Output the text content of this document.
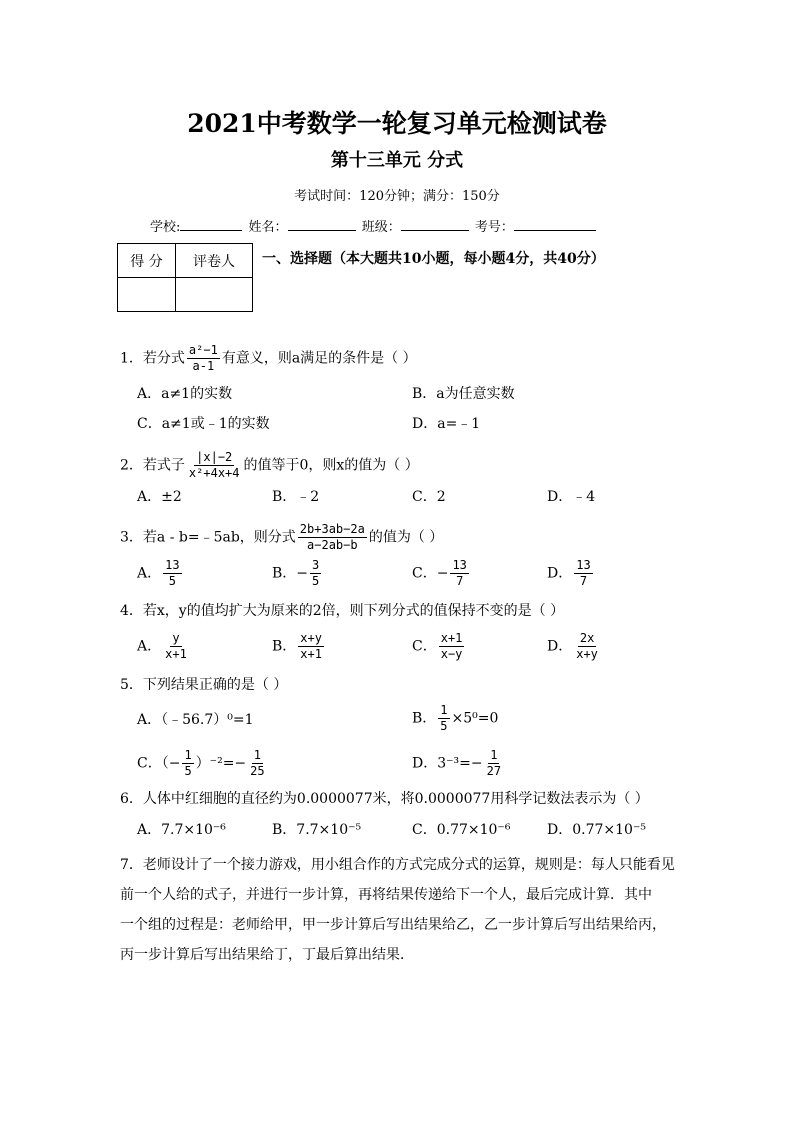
2021中考数学一轮复习单元检测试卷
第十三单元 分式
考试时间：120分钟；满分：150分
学校:	姓名：	班级：	考号：
得 分	评卷人
	一、选择题（本大题共10小题，每小题4分，共40分）
1．若分式 $\frac{\text{a²−1}}{a-1}$ 有意义，则a满足的条件是（ ）
A．a≠1的实数	B．a为任意实数
C．a≠1或﹣1的实数	D．a=﹣1
2．若式子 $\frac{|x|-2}{\text{x²+4x+4}}$ 的值等于0，则x的值为（ ）
A．±2	B．﹣2	C．2	D．﹣4
3．若a - b=﹣5ab，则分式 $\frac{2b+3ab-2a}{a-2ab-b}$ 的值为（ ）
A． $\frac{13}{5}$	B．− $\frac{3}{5}$	C．− $\frac{13}{7}$	D． $\frac{13}{7}$
4．若x，y的值均扩大为原来的2倍，则下列分式的值保持不变的是（ ）
A． $\frac{y}{x+1}$	B． $\frac{x+y}{x+1}$	C． $\frac{x+1}{x-y}$	D． $\frac{2x}{x+y}$
5．下列结果正确的是（ ）
A．（﹣56.7）⁰=1	B． $\frac{1}{5} \times 5^0=0$
C．（− $\frac{1}{5} )^{-2}=- \frac{1}{25}$	D．$3^{-3}=- \frac{1}{27}$
6．人体中红细胞的直径约为0.0000077米，将0.0000077用科学记数法表示为（ ）
A．7.7×10⁻⁶	B．7.7×10⁻⁵	C．0.77×10⁻⁶	D．0.77×10⁻⁵
7．老师设计了一个接力游戏，用小组合作的方式完成分式的运算，规则是：每人只能看见
前一个人给的式子，并进行一步计算，再将结果传递给下一个人，最后完成计算．其中
一个组的过程是：老师给甲，甲一步计算后写出结果给乙，乙一步计算后写出结果给丙，
丙一步计算后写出结果给丁，丁最后算出结果．
